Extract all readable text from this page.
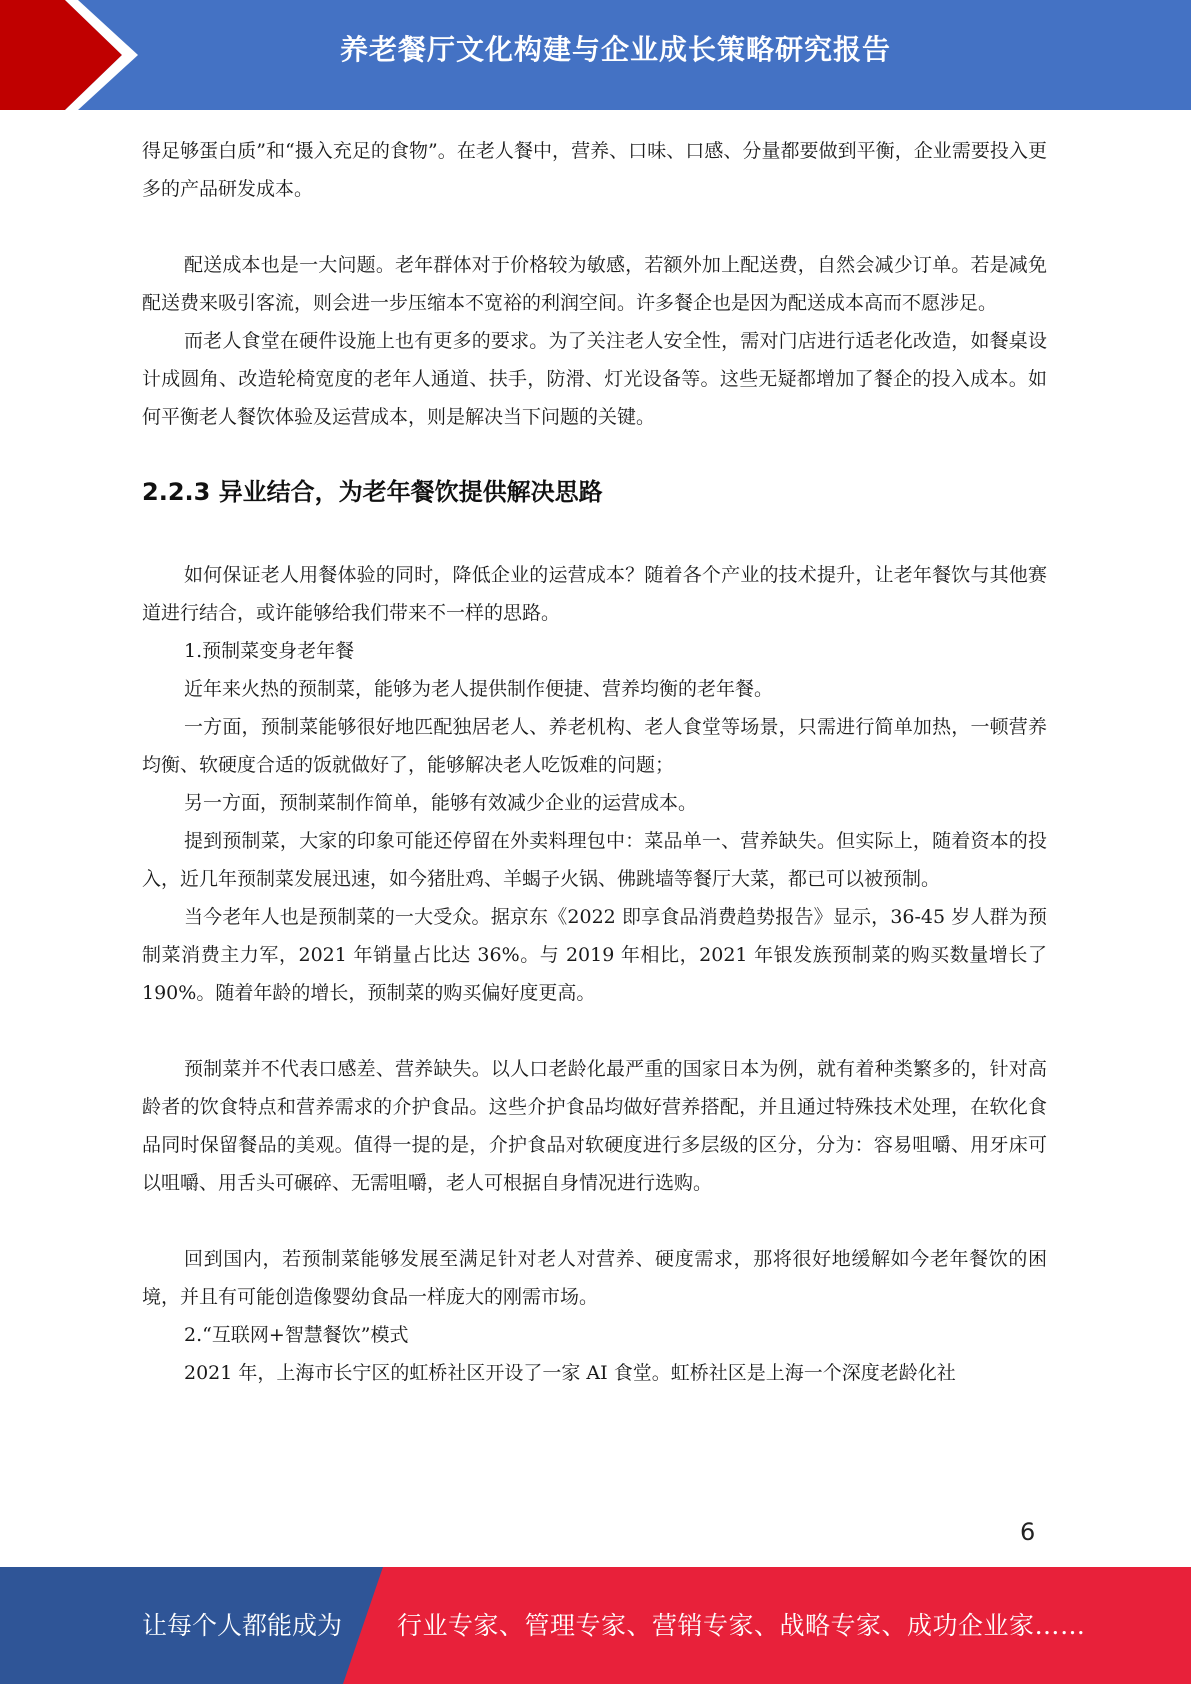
养老餐厅文化构建与企业成长策略研究报告

得足够蛋白质”和“摄入充足的食物”。在老人餐中，营养、口味、口感、分量都要做到平衡，企业需要投入更多的产品研发成本。

配送成本也是一大问题。老年群体对于价格较为敏感，若额外加上配送费，自然会减少订单。若是减免配送费来吸引客流，则会进一步压缩本不宽裕的利润空间。许多餐企也是因为配送成本高而不愿涉足。

而老人食堂在硬件设施上也有更多的要求。为了关注老人安全性，需对门店进行适老化改造，如餐桌设计成圆角、改造轮椅宽度的老年人通道、扶手，防滑、灯光设备等。这些无疑都增加了餐企的投入成本。如何平衡老人餐饮体验及运营成本，则是解决当下问题的关键。

2.2.3 异业结合，为老年餐饮提供解决思路

如何保证老人用餐体验的同时，降低企业的运营成本？随着各个产业的技术提升，让老年餐饮与其他赛道进行结合，或许能够给我们带来不一样的思路。

1.预制菜变身老年餐

近年来火热的预制菜，能够为老人提供制作便捷、营养均衡的老年餐。

一方面，预制菜能够很好地匹配独居老人、养老机构、老人食堂等场景，只需进行简单加热，一顿营养均衡、软硬度合适的饭就做好了，能够解决老人吃饭难的问题；

另一方面，预制菜制作简单，能够有效减少企业的运营成本。

提到预制菜，大家的印象可能还停留在外卖料理包中：菜品单一、营养缺失。但实际上，随着资本的投入，近几年预制菜发展迅速，如今猪肚鸡、羊蝎子火锅、佛跳墙等餐厅大菜，都已可以被预制。

当今老年人也是预制菜的一大受众。据京东《2022 即享食品消费趋势报告》显示，36-45 岁人群为预制菜消费主力军，2021 年销量占比达 36%。与 2019 年相比，2021 年银发族预制菜的购买数量增长了 190%。随着年龄的增长，预制菜的购买偏好度更高。

预制菜并不代表口感差、营养缺失。以人口老龄化最严重的国家日本为例，就有着种类繁多的，针对高龄者的饮食特点和营养需求的介护食品。这些介护食品均做好营养搭配，并且通过特殊技术处理，在软化食品同时保留餐品的美观。值得一提的是，介护食品对软硬度进行多层级的区分，分为：容易咀嚼、用牙床可以咀嚼、用舌头可碾碎、无需咀嚼，老人可根据自身情况进行选购。

回到国内，若预制菜能够发展至满足针对老人对营养、硬度需求，那将很好地缓解如今老年餐饮的困境，并且有可能创造像婴幼食品一样庞大的刚需市场。

2.“互联网+智慧餐饮”模式

2021 年，上海市长宁区的虹桥社区开设了一家 AI 食堂。虹桥社区是上海一个深度老龄化社

6
让每个人都能成为 行业专家、管理专家、营销专家、战略专家、成功企业家……
